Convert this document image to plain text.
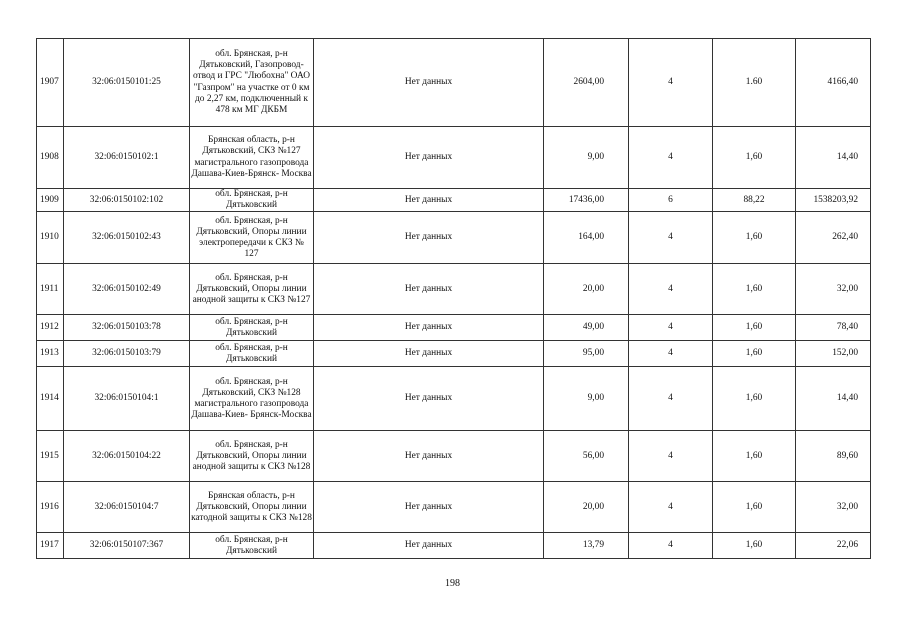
1907	32:06:0150101:25	обл. Брянская, р-н Дятьковский, Газопровод-отвод и ГРС "Любохна" ОАО "Газпром" на участке от 0 км до 2,27 км, подключенный к 478 км МГ ДКБМ	Нет данных	2604,00	4	1.60	4166,40
1908	32:06:0150102:1	Брянская область, р-н Дятьковский, СКЗ №127 магистрального газопровода Дашава-Киев-Брянск- Москва	Нет данных	9,00	4	1,60	14,40
1909	32:06:0150102:102	обл. Брянская, р-н Дятьковский	Нет данных	17436,00	6	88,22	1538203,92
1910	32:06:0150102:43	обл. Брянская, р-н Дятьковский, Опоры линии электропередачи к СКЗ № 127	Нет данных	164,00	4	1,60	262,40
1911	32:06:0150102:49	обл. Брянская, р-н Дятьковский, Опоры линии анодной защиты к СКЗ №127	Нет данных	20,00	4	1,60	32,00
1912	32:06:0150103:78	обл. Брянская, р-н Дятьковский	Нет данных	49,00	4	1,60	78,40
1913	32:06:0150103:79	обл. Брянская, р-н Дятьковский	Нет данных	95,00	4	1,60	152,00
1914	32:06:0150104:1	обл. Брянская, р-н Дятьковский, СКЗ №128 магистрального газопровода Дашава-Киев- Брянск-Москва	Нет данных	9,00	4	1,60	14,40
1915	32:06:0150104:22	обл. Брянская, р-н Дятьковский, Опоры линии анодной защиты к СКЗ №128	Нет данных	56,00	4	1,60	89,60
1916	32:06:0150104:7	Брянская область, р-н Дятьковский, Опоры линии катодной защиты к СКЗ №128	Нет данных	20,00	4	1,60	32,00
1917	32:06:0150107:367	обл. Брянская, р-н Дятьковский	Нет данных	13,79	4	1,60	22,06
198
